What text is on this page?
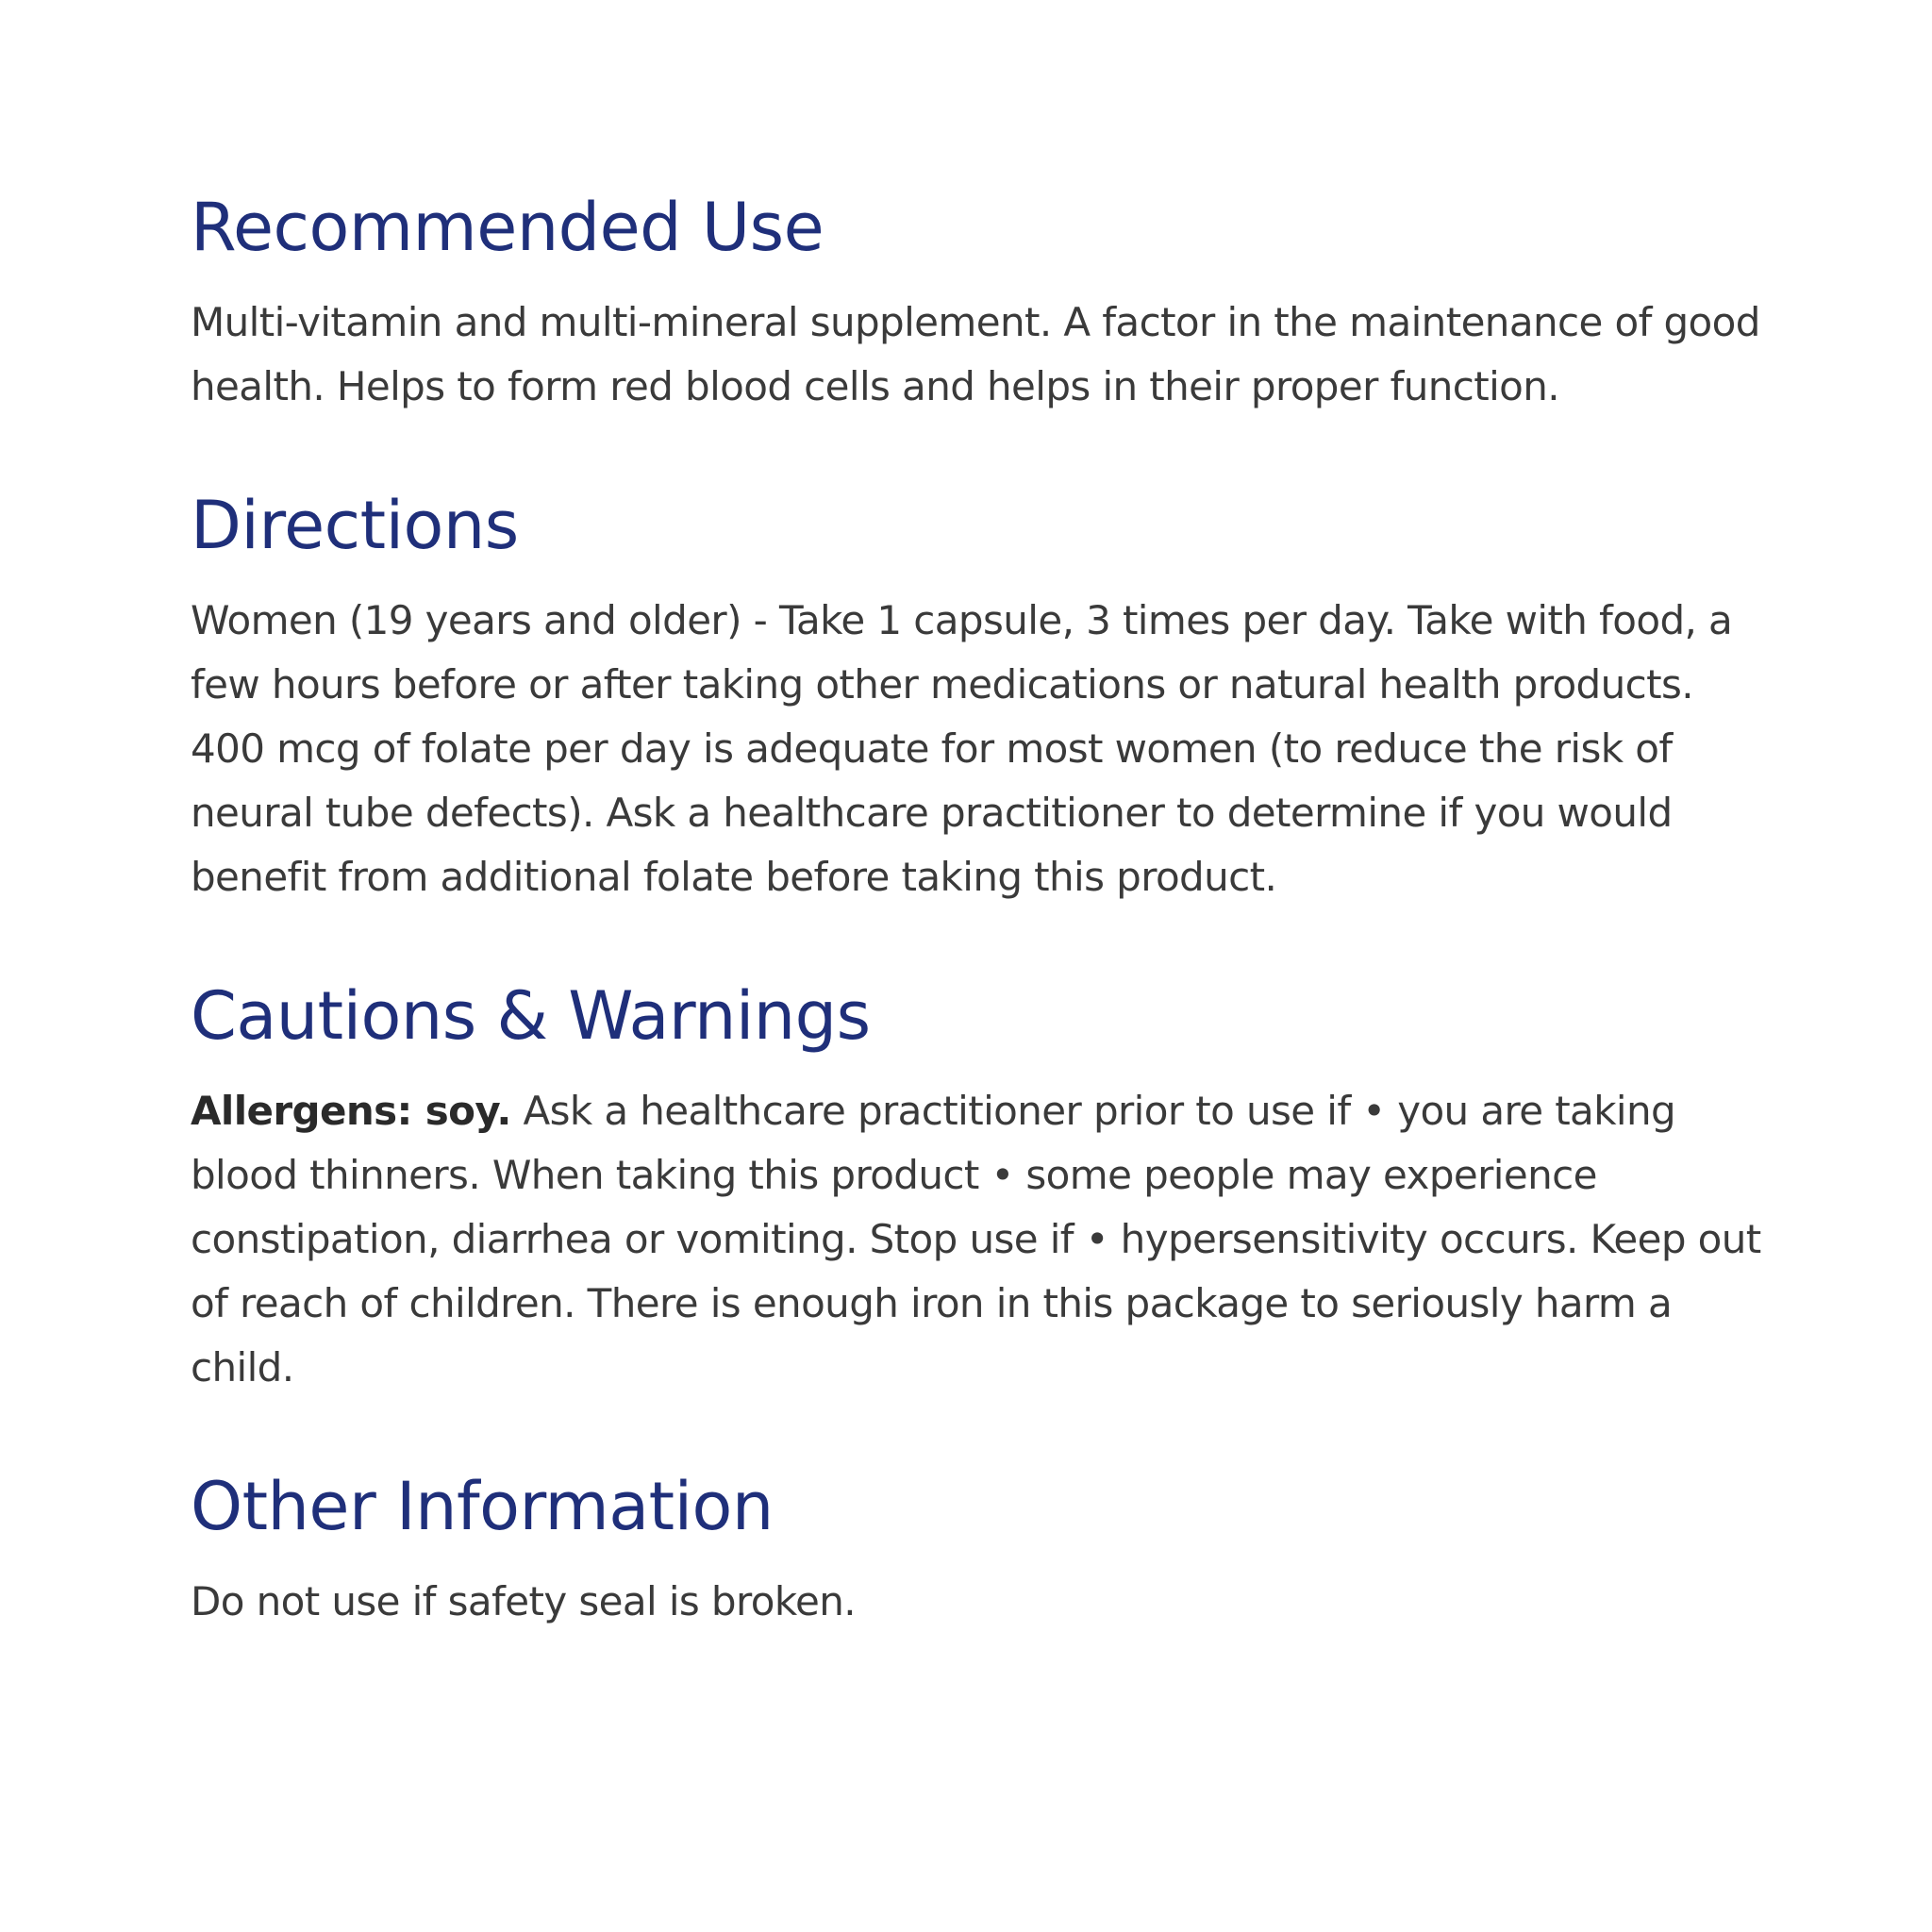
Recommended Use

Multi-vitamin and multi-mineral supplement. A factor in the maintenance of good health. Helps to form red blood cells and helps in their proper function.

Directions

Women (19 years and older) - Take 1 capsule, 3 times per day. Take with food, a few hours before or after taking other medications or natural health products. 400 mcg of folate per day is adequate for most women (to reduce the risk of neural tube defects). Ask a healthcare practitioner to determine if you would benefit from additional folate before taking this product.

Cautions & Warnings

Allergens: soy. Ask a healthcare practitioner prior to use if • you are taking blood thinners. When taking this product • some people may experience constipation, diarrhea or vomiting. Stop use if • hypersensitivity occurs. Keep out of reach of children. There is enough iron in this package to seriously harm a child.

Other Information

Do not use if safety seal is broken.
